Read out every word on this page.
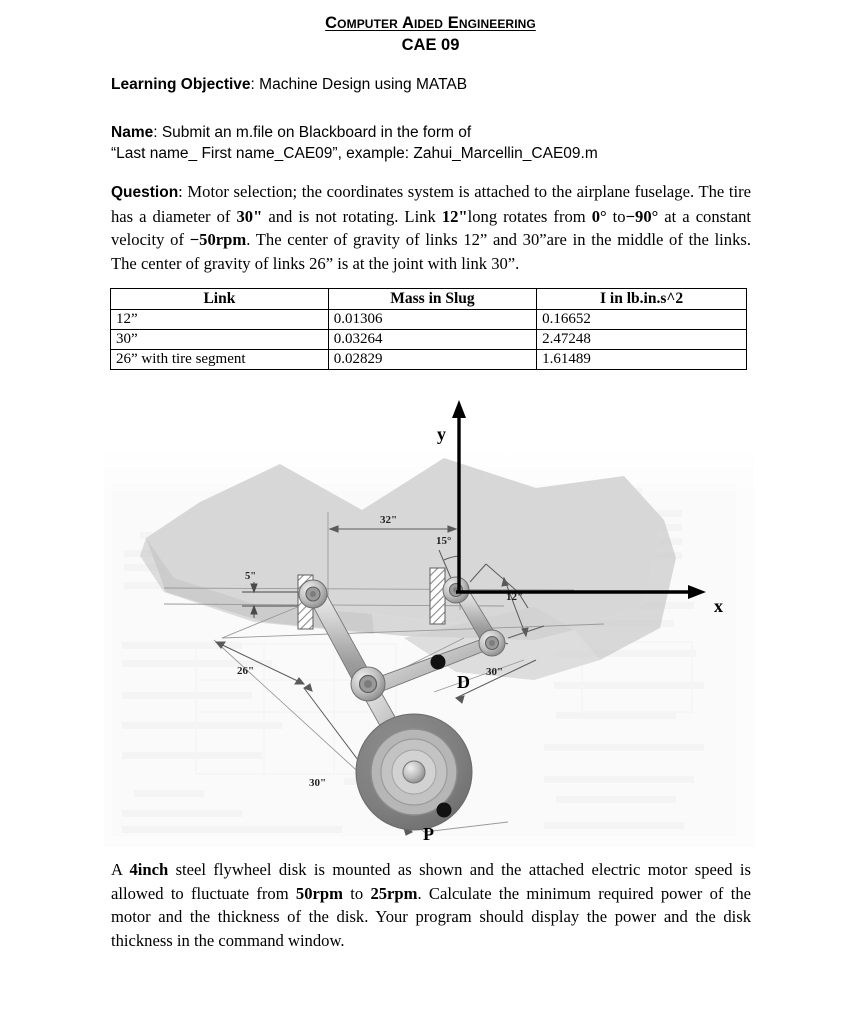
Computer Aided Engineering
CAE 09
Learning Objective: Machine Design using MATAB
Name: Submit an m.file on Blackboard in the form of
“Last name_ First name_CAE09”, example: Zahui_Marcellin_CAE09.m
Question: Motor selection; the coordinates system is attached to the airplane fuselage. The tire has a diameter of 30" and is not rotating. Link 12"long rotates from 0° to−90° at a constant velocity of −50rpm. The center of gravity of links 12” and 30”are in the middle of the links. The center of gravity of links 26” is at the joint with link 30”.
Link	Mass in Slug	I in lb.in.s^2
12”	0.01306	0.16652
30”	0.03264	2.47248
26” with tire segment	0.02829	1.61489
32"
5"
26"
30"
30"
12"
15°
D
P
y
x
A 4inch steel flywheel disk is mounted as shown and the attached electric motor speed is allowed to fluctuate from 50rpm to 25rpm. Calculate the minimum required power of the motor and the thickness of the disk. Your program should display the power and the disk thickness in the command window.
